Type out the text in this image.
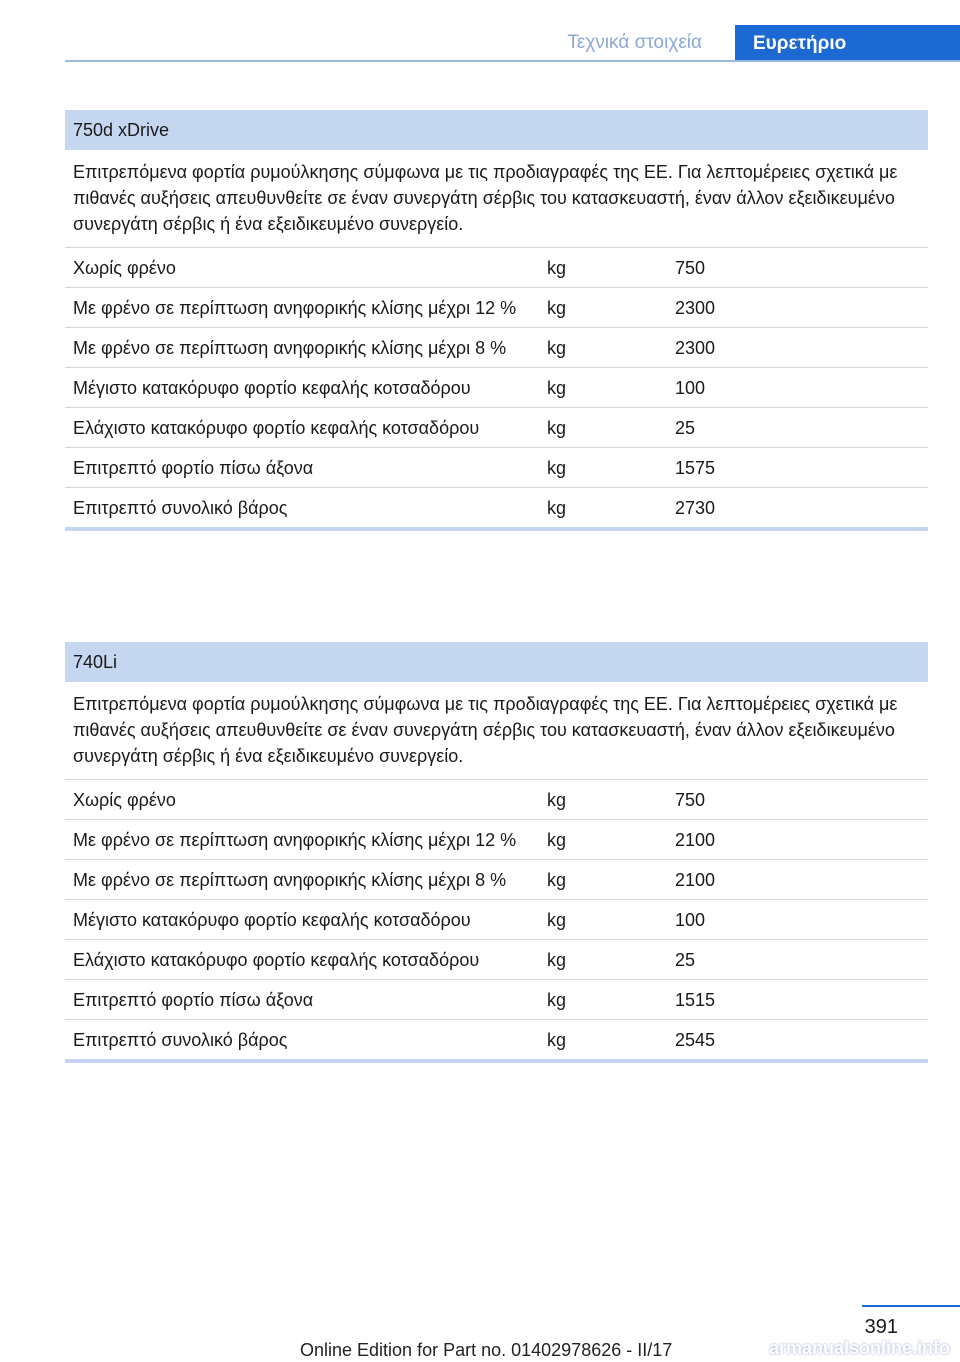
Τεχνικά στοιχεία	Ευρετήριο
750d xDrive
Επιτρεπόμενα φορτία ρυμούλκησης σύμφωνα με τις προδιαγραφές της ΕΕ. Για λεπτομέρειες σχετικά με πιθανές αυξήσεις απευθυνθείτε σε έναν συνεργάτη σέρβις του κατασκευαστή, έναν άλλον εξειδικευμένο συνεργάτη σέρβις ή ένα εξειδικευμένο συνεργείο.
Χωρίς φρένο	kg	750
Με φρένο σε περίπτωση ανηφορικής κλίσης μέχρι 12 %	kg	2300
Με φρένο σε περίπτωση ανηφορικής κλίσης μέχρι 8 %	kg	2300
Μέγιστο κατακόρυφο φορτίο κεφαλής κοτσαδόρου	kg	100
Ελάχιστο κατακόρυφο φορτίο κεφαλής κοτσαδόρου	kg	25
Επιτρεπτό φορτίο πίσω άξονα	kg	1575
Επιτρεπτό συνολικό βάρος	kg	2730
740Li
Επιτρεπόμενα φορτία ρυμούλκησης σύμφωνα με τις προδιαγραφές της ΕΕ. Για λεπτομέρειες σχετικά με πιθανές αυξήσεις απευθυνθείτε σε έναν συνεργάτη σέρβις του κατασκευαστή, έναν άλλον εξειδικευμένο συνεργάτη σέρβις ή ένα εξειδικευμένο συνεργείο.
Χωρίς φρένο	kg	750
Με φρένο σε περίπτωση ανηφορικής κλίσης μέχρι 12 %	kg	2100
Με φρένο σε περίπτωση ανηφορικής κλίσης μέχρι 8 %	kg	2100
Μέγιστο κατακόρυφο φορτίο κεφαλής κοτσαδόρου	kg	100
Ελάχιστο κατακόρυφο φορτίο κεφαλής κοτσαδόρου	kg	25
Επιτρεπτό φορτίο πίσω άξονα	kg	1515
Επιτρεπτό συνολικό βάρος	kg	2545
391
Online Edition for Part no. 01402978626 - II/17	armanualsonline.info
